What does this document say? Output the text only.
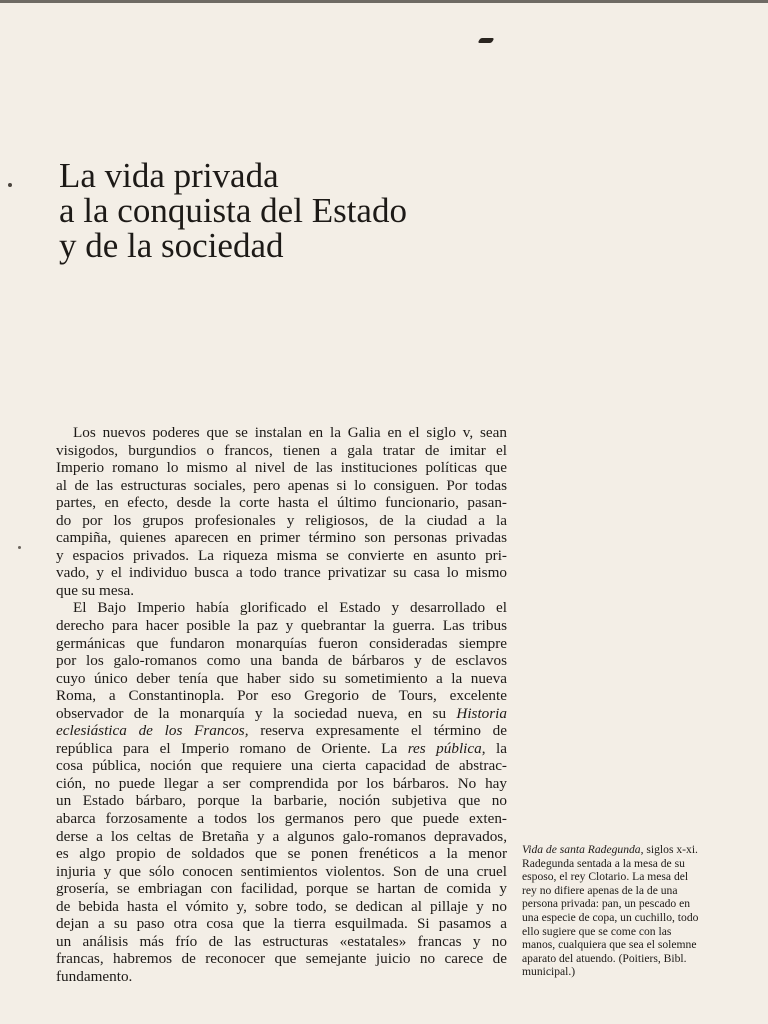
La vida privada
a la conquista del Estado
y de la sociedad
Los nuevos poderes que se instalan en la Galia en el siglo v, sean
visigodos, burgundios o francos, tienen a gala tratar de imitar el
Imperio romano lo mismo al nivel de las instituciones políticas que
al de las estructuras sociales, pero apenas si lo consiguen. Por todas
partes, en efecto, desde la corte hasta el último funcionario, pasan-
do por los grupos profesionales y religiosos, de la ciudad a la
campiña, quienes aparecen en primer término son personas privadas
y espacios privados. La riqueza misma se convierte en asunto pri-
vado, y el individuo busca a todo trance privatizar su casa lo mismo
que su mesa.
El Bajo Imperio había glorificado el Estado y desarrollado el
derecho para hacer posible la paz y quebrantar la guerra. Las tribus
germánicas que fundaron monarquías fueron consideradas siempre
por los galo-romanos como una banda de bárbaros y de esclavos
cuyo único deber tenía que haber sido su sometimiento a la nueva
Roma, a Constantinopla. Por eso Gregorio de Tours, excelente
observador de la monarquía y la sociedad nueva, en su Historia
eclesiástica de los Francos, reserva expresamente el término de
república para el Imperio romano de Oriente. La res pública, la
cosa pública, noción que requiere una cierta capacidad de abstrac-
ción, no puede llegar a ser comprendida por los bárbaros. No hay
un Estado bárbaro, porque la barbarie, noción subjetiva que no
abarca forzosamente a todos los germanos pero que puede exten-
derse a los celtas de Bretaña y a algunos galo-romanos depravados,
es algo propio de soldados que se ponen frenéticos a la menor
injuria y que sólo conocen sentimientos violentos. Son de una cruel
grosería, se embriagan con facilidad, porque se hartan de comida y
de bebida hasta el vómito y, sobre todo, se dedican al pillaje y no
dejan a su paso otra cosa que la tierra esquilmada. Si pasamos a
un análisis más frío de las estructuras «estatales» francas y no
francas, habremos de reconocer que semejante juicio no carece de
fundamento.
Vida de santa Radegunda, siglos x-xi.
Radegunda sentada a la mesa de su
esposo, el rey Clotario. La mesa del
rey no difiere apenas de la de una
persona privada: pan, un pescado en
una especie de copa, un cuchillo, todo
ello sugiere que se come con las
manos, cualquiera que sea el solemne
aparato del atuendo. (Poitiers, Bibl.
municipal.)
